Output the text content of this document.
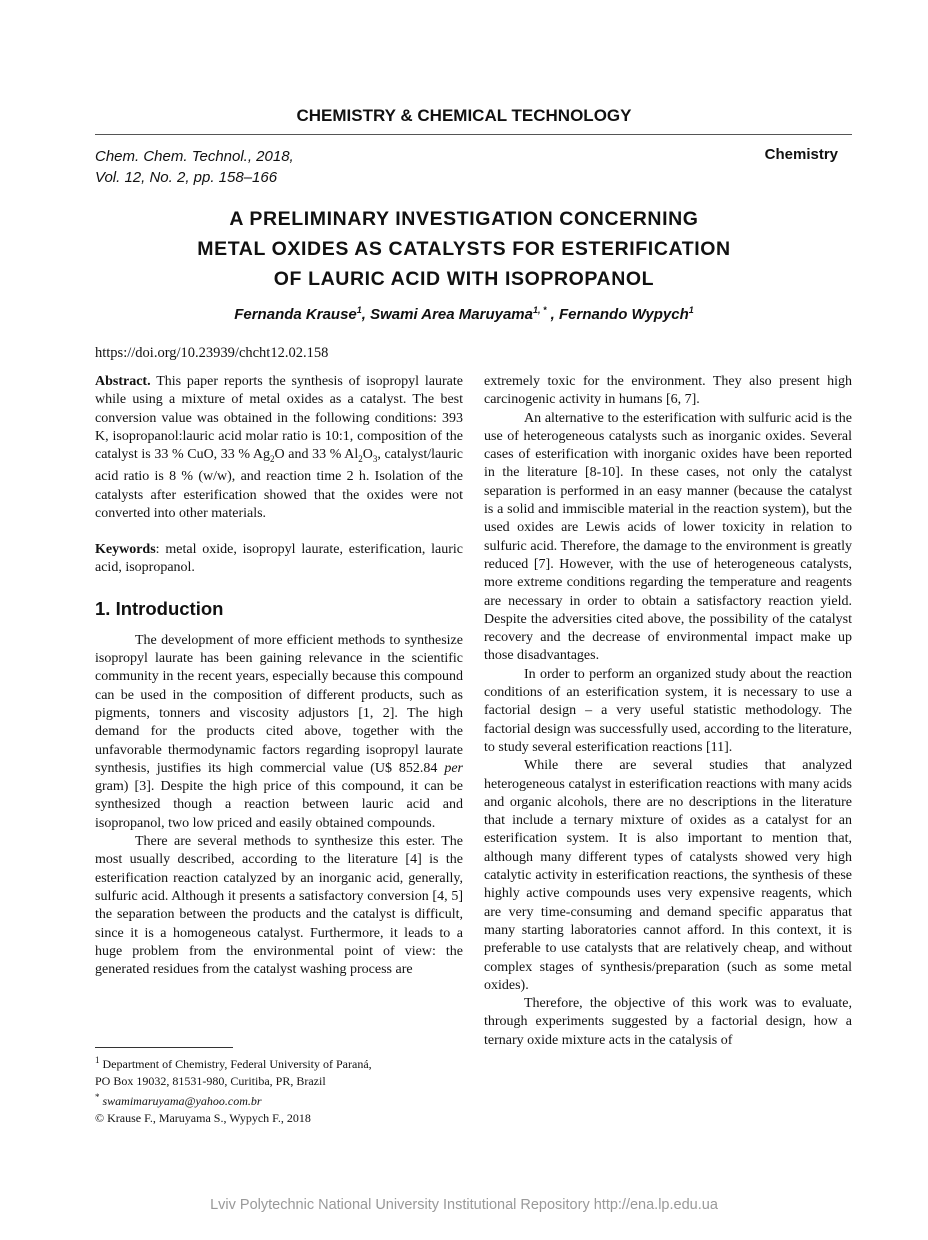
CHEMISTRY & CHEMICAL TECHNOLOGY
Chem. Chem. Technol., 2018,
Vol. 12, No. 2, pp. 158–166
Chemistry
A PRELIMINARY INVESTIGATION CONCERNING
METAL OXIDES AS CATALYSTS FOR ESTERIFICATION
OF LAURIC ACID WITH ISOPROPANOL
Fernanda Krause$^1$, Swami Area Maruyama$^{1, *}$ , Fernando Wypych$^1$
https://doi.org/10.23939/chcht12.02.158

Abstract. This paper reports the synthesis of isopropyl laurate while using a mixture of metal oxides as a catalyst. The best conversion value was obtained in the following conditions: 393 K, isopropanol:lauric acid molar ratio is 10:1, composition of the catalyst is 33 % CuO, 33 % $Ag_2O$ and 33 % $Al_2O_3$, catalyst/lauric acid ratio is 8 % (w/w), and reaction time 2 h. Isolation of the catalysts after esterification showed that the oxides were not converted into other materials.

Keywords: metal oxide, isopropyl laurate, esterification, lauric acid, isopropanol.

1. Introduction

The development of more efficient methods to synthesize isopropyl laurate has been gaining relevance in the scientific community in the recent years, especially because this compound can be used in the composition of different products, such as pigments, tonners and viscosity adjustors [1, 2]. The high demand for the products cited above, together with the unfavorable thermodynamic factors regarding isopropyl laurate synthesis, justifies its high commercial value (U$ 852.84 per gram) [3]. Despite the high price of this compound, it can be synthesized though a reaction between lauric acid and isopropanol, two low priced and easily obtained compounds.

There are several methods to synthesize this ester. The most usually described, according to the literature [4] is the esterification reaction catalyzed by an inorganic acid, generally, sulfuric acid. Although it presents a satisfactory conversion [4, 5] the separation between the products and the catalyst is difficult, since it is a homogeneous catalyst. Furthermore, it leads to a huge problem from the environmental point of view: the generated residues from the catalyst washing process are

extremely toxic for the environment. They also present high carcinogenic activity in humans [6, 7].

An alternative to the esterification with sulfuric acid is the use of heterogeneous catalysts such as inorganic oxides. Several cases of esterification with inorganic oxides have been reported in the literature [8-10]. In these cases, not only the catalyst separation is performed in an easy manner (because the catalyst is a solid and immiscible material in the reaction system), but the used oxides are Lewis acids of lower toxicity in relation to sulfuric acid. Therefore, the damage to the environment is greatly reduced [7]. However, with the use of heterogeneous catalysts, more extreme conditions regarding the temperature and reagents are necessary in order to obtain a satisfactory reaction yield. Despite the adversities cited above, the possibility of the catalyst recovery and the decrease of environmental impact make up those disadvantages.

In order to perform an organized study about the reaction conditions of an esterification system, it is necessary to use a factorial design – a very useful statistic methodology. The factorial design was successfully used, according to the literature, to study several esterification reactions [11].

While there are several studies that analyzed heterogeneous catalyst in esterification reactions with many acids and organic alcohols, there are no descriptions in the literature that include a ternary mixture of oxides as a catalyst for an esterification system. It is also important to mention that, although many different types of catalysts showed very high catalytic activity in esterification reactions, the synthesis of these highly active compounds uses very expensive reagents, which are very time-consuming and demand specific apparatus that many starting laboratories cannot afford. In this context, it is preferable to use catalysts that are relatively cheap, and without complex stages of synthesis/preparation (such as some metal oxides).

Therefore, the objective of this work was to evaluate, through experiments suggested by a factorial design, how a ternary oxide mixture acts in the catalysis of

$^1$ Department of Chemistry, Federal University of Paraná,
PO Box 19032, 81531-980, Curitiba, PR, Brazil
* swamimaruyama@yahoo.com.br
© Krause F., Maruyama S., Wypych F., 2018
Lviv Polytechnic National University Institutional Repository http://ena.lp.edu.ua
